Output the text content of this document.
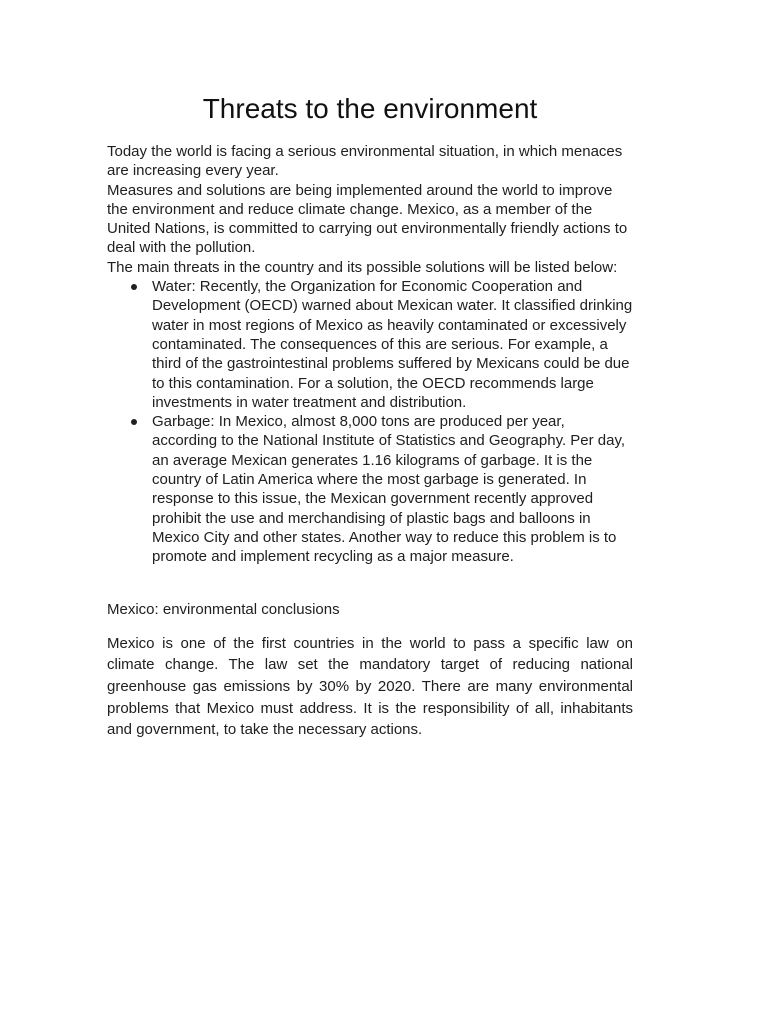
Threats to the environment

Today the world is facing a serious environmental situation, in which menaces are increasing every year.

Measures and solutions are being implemented around the world to improve the environment and reduce climate change. Mexico, as a member of the United Nations, is committed to carrying out environmentally friendly actions to deal with the pollution.

The main threats in the country and its possible solutions will be listed below:

Water: Recently, the Organization for Economic Cooperation and Development (OECD) warned about Mexican water. It classified drinking water in most regions of Mexico as heavily contaminated or excessively contaminated. The consequences of this are serious. For example, a third of the gastrointestinal problems suffered by Mexicans could be due to this contamination. For a solution, the OECD recommends large investments in water treatment and distribution.
Garbage: In Mexico, almost 8,000 tons are produced per year, according to the National Institute of Statistics and Geography. Per day, an average Mexican generates 1.16 kilograms of garbage. It is the country of Latin America where the most garbage is generated. In response to this issue, the Mexican government recently approved prohibit the use and merchandising of plastic bags and balloons in Mexico City and other states. Another way to reduce this problem is to promote and implement recycling as a major measure.

Mexico: environmental conclusions

Mexico is one of the first countries in the world to pass a specific law on climate change. The law set the mandatory target of reducing national greenhouse gas emissions by 30% by 2020. There are many environmental problems that Mexico must address. It is the responsibility of all, inhabitants and government, to take the necessary actions.
